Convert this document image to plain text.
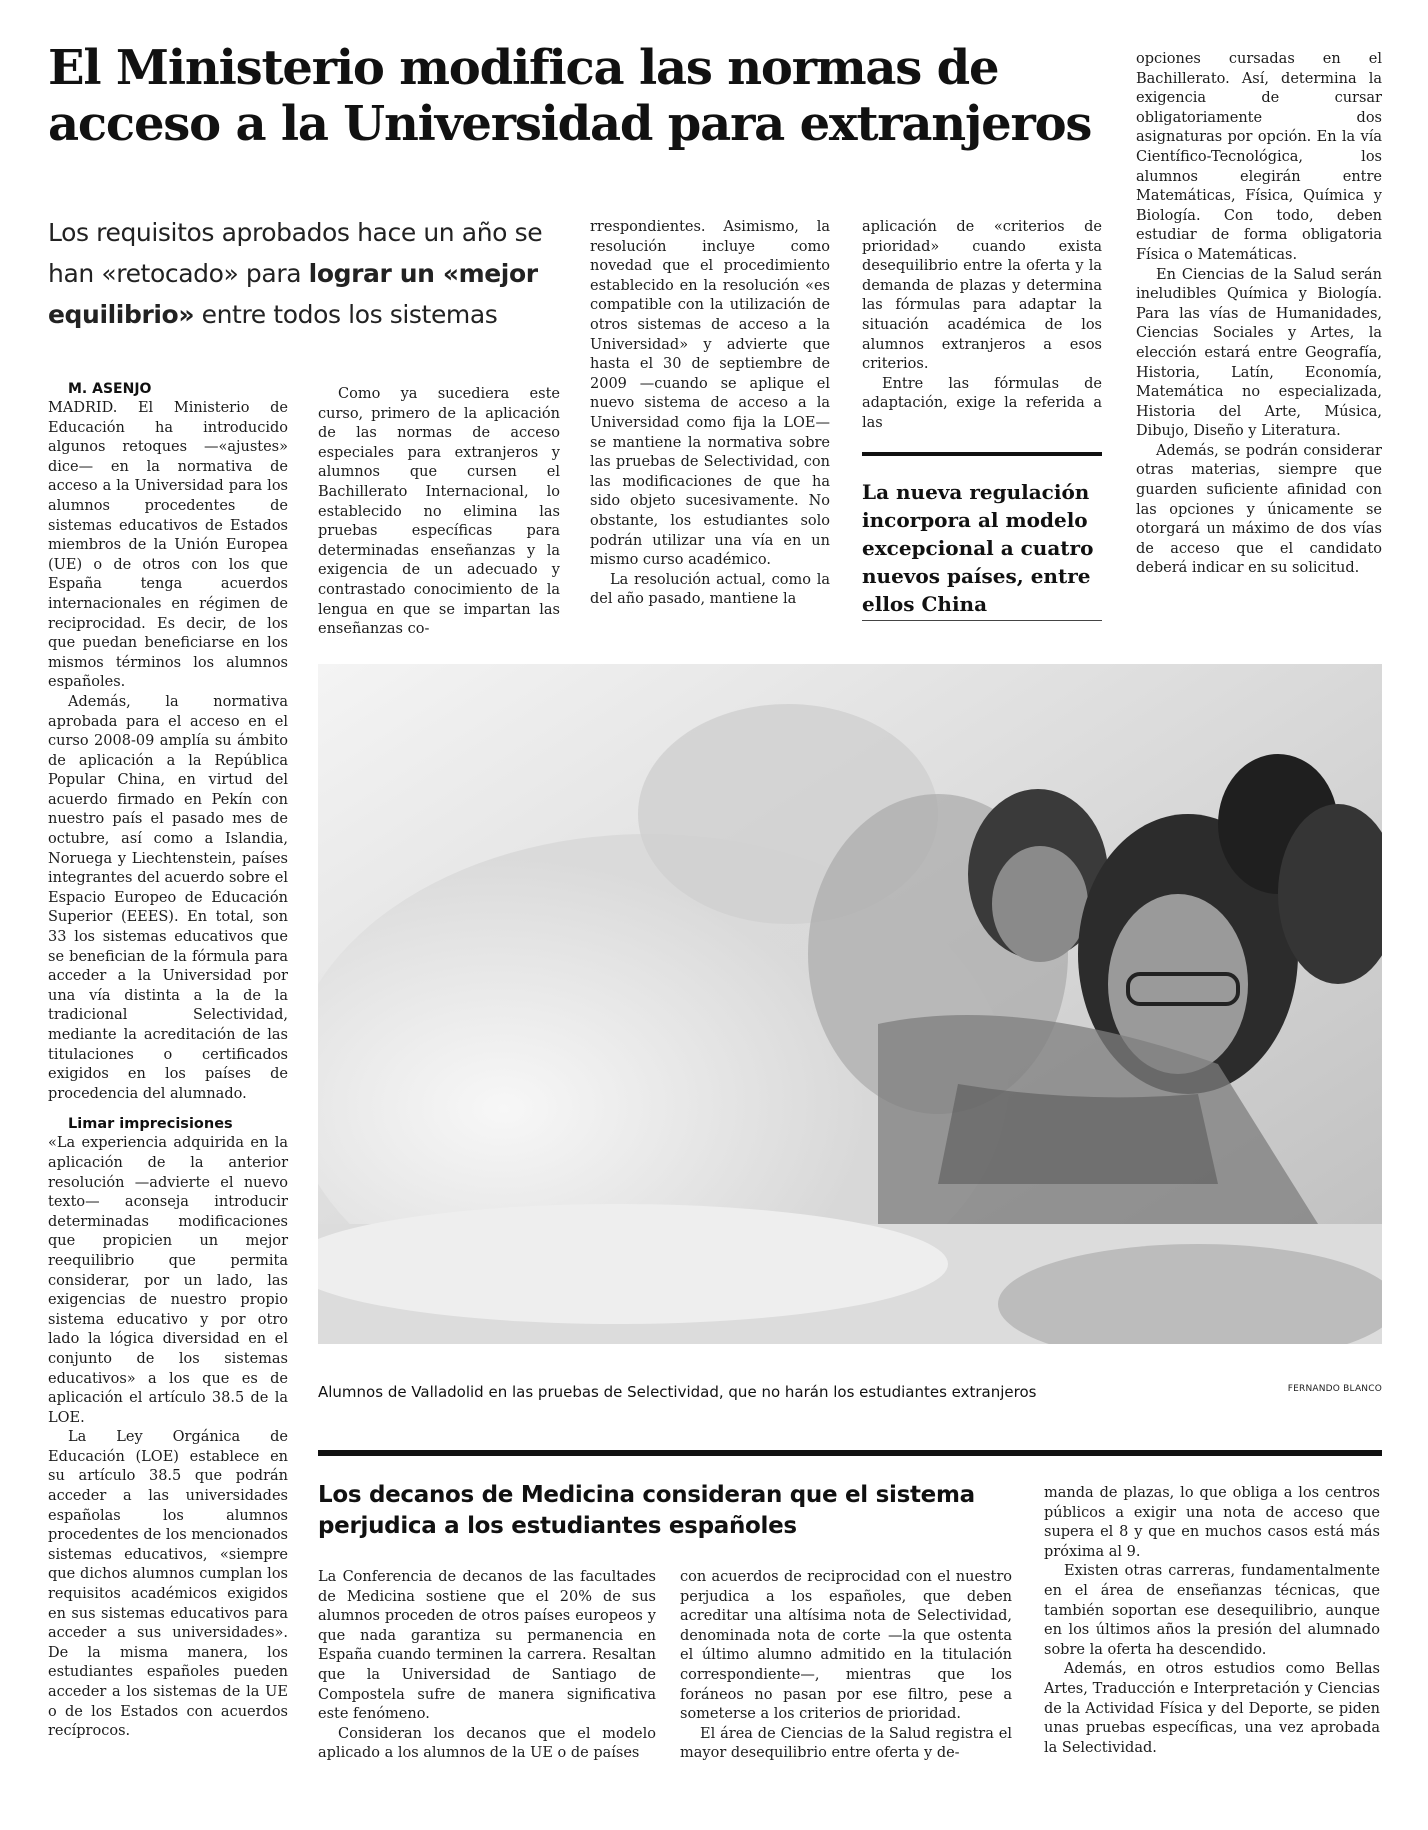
El Ministerio modifica las normas de
acceso a la Universidad para extranjeros

Los requisitos aprobados hace un año se han «retocado» para lograr un «mejor equilibrio» entre todos los sistemas

M. ASENJO

MADRID. El Ministerio de Educación ha introducido algunos retoques —«ajustes» dice— en la normativa de acceso a la Universidad para los alumnos procedentes de sistemas educativos de Estados miembros de la Unión Europea (UE) o de otros con los que España tenga acuerdos internacionales en régimen de reciprocidad. Es decir, de los que puedan beneficiarse en los mismos términos los alumnos españoles.

Además, la normativa aprobada para el acceso en el curso 2008-09 amplía su ámbito de aplicación a la República Popular China, en virtud del acuerdo firmado en Pekín con nuestro país el pasado mes de octubre, así como a Islandia, Noruega y Liechtenstein, países integrantes del acuerdo sobre el Espacio Europeo de Educación Superior (EEES). En total, son 33 los sistemas educativos que se benefician de la fórmula para acceder a la Universidad por una vía distinta a la de la tradicional Selectividad, mediante la acreditación de las titulaciones o certificados exigidos en los países de procedencia del alumnado.

Limar imprecisiones

«La experiencia adquirida en la aplicación de la anterior resolución —advierte el nuevo texto— aconseja introducir determinadas modificaciones que propicien un mejor reequilibrio que permita considerar, por un lado, las exigencias de nuestro propio sistema educativo y por otro lado la lógica diversidad en el conjunto de los sistemas educativos» a los que es de aplicación el artículo 38.5 de la LOE.

La Ley Orgánica de Educación (LOE) establece en su artículo 38.5 que podrán acceder a las universidades españolas los alumnos procedentes de los mencionados sistemas educativos, «siempre que dichos alumnos cumplan los requisitos académicos exigidos en sus sistemas educativos para acceder a sus universidades». De la misma manera, los estudiantes españoles pueden acceder a los sistemas de la UE o de los Estados con acuerdos recíprocos.

Como ya sucediera este curso, primero de la aplicación de las normas de acceso especiales para extranjeros y alumnos que cursen el Bachillerato Internacional, lo establecido no elimina las pruebas específicas para determinadas enseñanzas y la exigencia de un adecuado y contrastado conocimiento de la lengua en que se impartan las enseñanzas co-

rrespondientes. Asimismo, la resolución incluye como novedad que el procedimiento establecido en la resolución «es compatible con la utilización de otros sistemas de acceso a la Universidad» y advierte que hasta el 30 de septiembre de 2009 —cuando se aplique el nuevo sistema de acceso a la Universidad como fija la LOE— se mantiene la normativa sobre las pruebas de Selectividad, con las modificaciones de que ha sido objeto sucesivamente. No obstante, los estudiantes solo podrán utilizar una vía en un mismo curso académico.

La resolución actual, como la del año pasado, mantiene la

aplicación de «criterios de prioridad» cuando exista desequilibrio entre la oferta y la demanda de plazas y determina las fórmulas para adaptar la situación académica de los alumnos extranjeros a esos criterios.

Entre las fórmulas de adaptación, exige la referida a las

La nueva regulación incorpora al modelo excepcional a cuatro nuevos países, entre ellos China

opciones cursadas en el Bachillerato. Así, determina la exigencia de cursar obligatoriamente dos asignaturas por opción. En la vía Científico-Tecnológica, los alumnos elegirán entre Matemáticas, Física, Química y Biología. Con todo, deben estudiar de forma obligatoria Física o Matemáticas.

En Ciencias de la Salud serán ineludibles Química y Biología. Para las vías de Humanidades, Ciencias Sociales y Artes, la elección estará entre Geografía, Historia, Latín, Economía, Matemática no especializada, Historia del Arte, Música, Dibujo, Diseño y Literatura.

Además, se podrán considerar otras materias, siempre que guarden suficiente afinidad con las opciones y únicamente se otorgará un máximo de dos vías de acceso que el candidato deberá indicar en su solicitud.

Alumnos de Valladolid en las pruebas de Selectividad, que no harán los estudiantes extranjeros	FERNANDO BLANCO

Los decanos de Medicina consideran que el sistema

perjudica a los estudiantes españoles

La Conferencia de decanos de las facultades de Medicina sostiene que el 20% de sus alumnos proceden de otros países europeos y que nada garantiza su permanencia en España cuando terminen la carrera. Resaltan que la Universidad de Santiago de Compostela sufre de manera significativa este fenómeno.

Consideran los decanos que el modelo aplicado a los alumnos de la UE o de países

con acuerdos de reciprocidad con el nuestro perjudica a los españoles, que deben acreditar una altísima nota de Selectividad, denominada nota de corte —la que ostenta el último alumno admitido en la titulación correspondiente—, mientras que los foráneos no pasan por ese filtro, pese a someterse a los criterios de prioridad.

El área de Ciencias de la Salud registra el mayor desequilibrio entre oferta y de-

manda de plazas, lo que obliga a los centros públicos a exigir una nota de acceso que supera el 8 y que en muchos casos está más próxima al 9.

Existen otras carreras, fundamentalmente en el área de enseñanzas técnicas, que también soportan ese desequilibrio, aunque en los últimos años la presión del alumnado sobre la oferta ha descendido.

Además, en otros estudios como Bellas Artes, Traducción e Interpretación y Ciencias de la Actividad Física y del Deporte, se piden unas pruebas específicas, una vez aprobada la Selectividad.
